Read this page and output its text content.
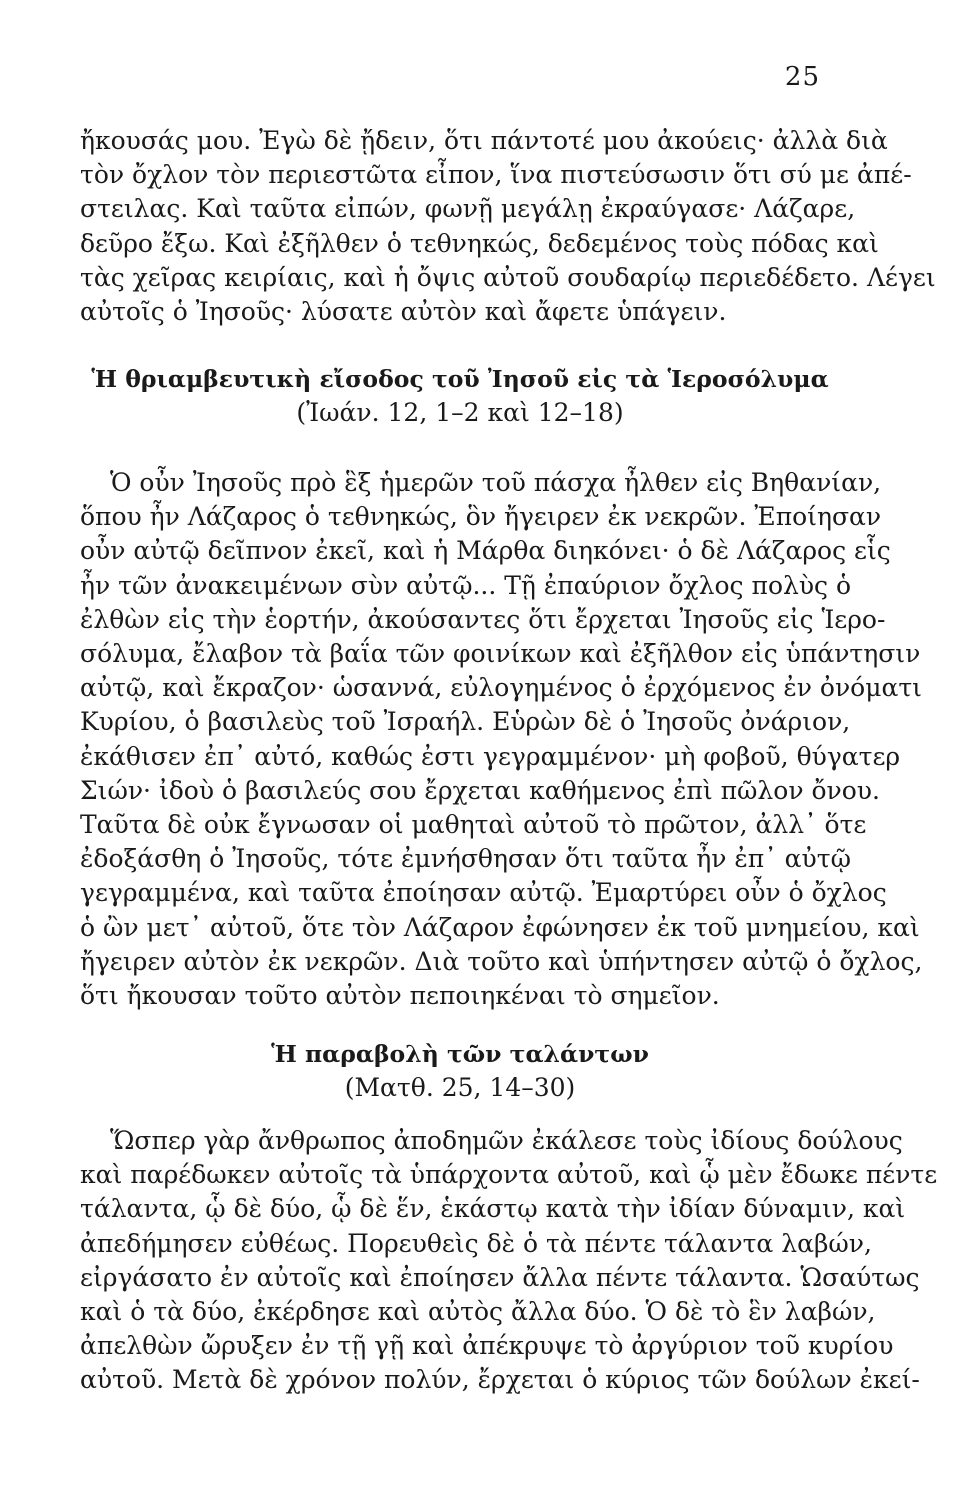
25
ἤκουσάς μου. Ἐγὼ δὲ ᾔδειν, ὅτι πάντοτέ μου ἀκούεις· ἀλλὰ διὰ
τὸν ὄχλον τὸν περιεστῶτα εἶπον, ἵνα πιστεύσωσιν ὅτι σύ με ἀπέ-
στειλας. Καὶ ταῦτα εἰπών, φωνῇ μεγάλῃ ἐκραύγασε· Λάζαρε,
δεῦρο ἔξω. Καὶ ἐξῆλθεν ὁ τεθνηκώς, δεδεμένος τοὺς πόδας καὶ
τὰς χεῖρας κειρίαις, καὶ ἡ ὄψις αὐτοῦ σουδαρίῳ περιεδέδετο. Λέγει
αὐτοῖς ὁ Ἰησοῦς· λύσατε αὐτὸν καὶ ἄφετε ὑπάγειν.
Ἡ θριαμβευτικὴ εἴσοδος τοῦ Ἰησοῦ εἰς τὰ Ἱεροσόλυμα
(Ἰωάν. 12, 1–2 καὶ 12–18)
Ὁ οὖν Ἰησοῦς πρὸ ἓξ ἡμερῶν τοῦ πάσχα ἦλθεν εἰς Βηθανίαν,
ὅπου ἦν Λάζαρος ὁ τεθνηκώς, ὃν ἤγειρεν ἐκ νεκρῶν. Ἐποίησαν
οὖν αὐτῷ δεῖπνον ἐκεῖ, καὶ ἡ Μάρθα διηκόνει· ὁ δὲ Λάζαρος εἷς
ἦν τῶν ἀνακειμένων σὺν αὐτῷ... Τῇ ἐπαύριον ὄχλος πολὺς ὁ
ἐλθὼν εἰς τὴν ἑορτήν, ἀκούσαντες ὅτι ἔρχεται Ἰησοῦς εἰς Ἱερο-
σόλυμα, ἔλαβον τὰ βαΐα τῶν φοινίκων καὶ ἐξῆλθον εἰς ὑπάντησιν
αὐτῷ, καὶ ἔκραζον· ὡσαννά, εὐλογημένος ὁ ἐρχόμενος ἐν ὀνόματι
Κυρίου, ὁ βασιλεὺς τοῦ Ἰσραήλ. Εὑρὼν δὲ ὁ Ἰησοῦς ὀνάριον,
ἐκάθισεν ἐπ᾿ αὐτό, καθώς ἐστι γεγραμμένον· μὴ φοβοῦ, θύγατερ
Σιών· ἰδοὺ ὁ βασιλεύς σου ἔρχεται καθήμενος ἐπὶ πῶλον ὄνου.
Ταῦτα δὲ οὐκ ἔγνωσαν οἱ μαθηταὶ αὐτοῦ τὸ πρῶτον, ἀλλ᾿ ὅτε
ἐδοξάσθη ὁ Ἰησοῦς, τότε ἐμνήσθησαν ὅτι ταῦτα ἦν ἐπ᾿ αὐτῷ
γεγραμμένα, καὶ ταῦτα ἐποίησαν αὐτῷ. Ἐμαρτύρει οὖν ὁ ὄχλος
ὁ ὢν μετ᾿ αὐτοῦ, ὅτε τὸν Λάζαρον ἐφώνησεν ἐκ τοῦ μνημείου, καὶ
ἤγειρεν αὐτὸν ἐκ νεκρῶν. Διὰ τοῦτο καὶ ὑπήντησεν αὐτῷ ὁ ὄχλος,
ὅτι ἤκουσαν τοῦτο αὐτὸν πεποιηκέναι τὸ σημεῖον.
Ἡ παραβολὴ τῶν ταλάντων
(Ματθ. 25, 14–30)
Ὥσπερ γὰρ ἄνθρωπος ἀποδημῶν ἐκάλεσε τοὺς ἰδίους δούλους
καὶ παρέδωκεν αὐτοῖς τὰ ὑπάρχοντα αὐτοῦ, καὶ ᾧ μὲν ἔδωκε πέντε
τάλαντα, ᾧ δὲ δύο, ᾧ δὲ ἕν, ἑκάστῳ κατὰ τὴν ἰδίαν δύναμιν, καὶ
ἀπεδήμησεν εὐθέως. Πορευθεὶς δὲ ὁ τὰ πέντε τάλαντα λαβών,
εἰργάσατο ἐν αὐτοῖς καὶ ἐποίησεν ἄλλα πέντε τάλαντα. Ὡσαύτως
καὶ ὁ τὰ δύο, ἐκέρδησε καὶ αὐτὸς ἄλλα δύο. Ὁ δὲ τὸ ἓν λαβών,
ἀπελθὼν ὤρυξεν ἐν τῇ γῇ καὶ ἀπέκρυψε τὸ ἀργύριον τοῦ κυρίου
αὐτοῦ. Μετὰ δὲ χρόνον πολύν, ἔρχεται ὁ κύριος τῶν δούλων ἐκεί-
